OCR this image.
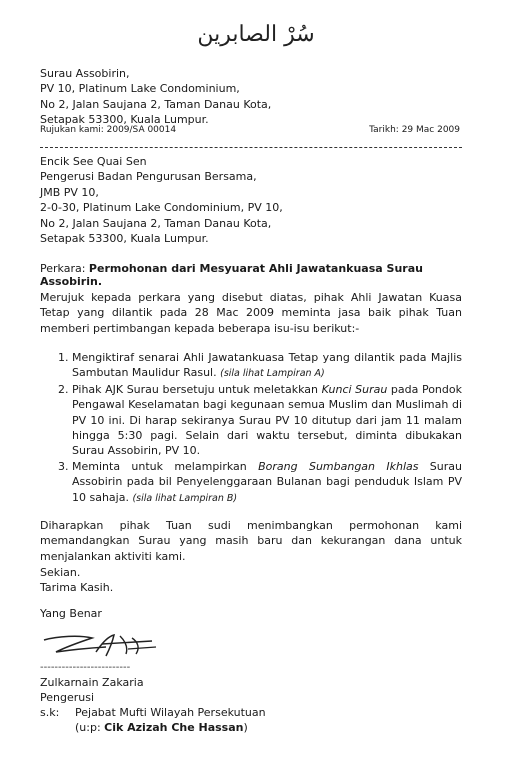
سُرْ الصابرين
Surau Assobirin,
PV 10, Platinum Lake Condominium,
No 2, Jalan Saujana 2, Taman Danau Kota,
Setapak 53300, Kuala Lumpur.
Rujukan kami: 2009/SA 00014	Tarikh: 29 Mac 2009
Encik See Quai Sen
Pengerusi Badan Pengurusan Bersama,
JMB PV 10,
2-0-30, Platinum Lake Condominium, PV 10,
No 2, Jalan Saujana 2, Taman Danau Kota,
Setapak 53300, Kuala Lumpur.
Perkara: Permohonan dari Mesyuarat Ahli Jawatankuasa Surau Assobirin.
Merujuk kepada perkara yang disebut diatas, pihak Ahli Jawatan Kuasa Tetap yang dilantik pada 28 Mac 2009 meminta jasa baik pihak Tuan memberi pertimbangan kepada beberapa isu-isu berikut:-
1. Mengiktiraf senarai Ahli Jawatankuasa Tetap yang dilantik pada Majlis Sambutan Maulidur Rasul. (sila lihat Lampiran A)
2. Pihak AJK Surau bersetuju untuk meletakkan Kunci Surau pada Pondok Pengawal Keselamatan bagi kegunaan semua Muslim dan Muslimah di PV 10 ini. Di harap sekiranya Surau PV 10 ditutup dari jam 11 malam hingga 5:30 pagi. Selain dari waktu tersebut, diminta dibukakan Surau Assobirin, PV 10.
3. Meminta untuk melampirkan Borang Sumbangan Ikhlas Surau Assobirin pada bil Penyelenggaraan Bulanan bagi penduduk Islam PV 10 sahaja. (sila lihat Lampiran B)
Diharapkan pihak Tuan sudi menimbangkan permohonan kami memandangkan Surau yang masih baru dan kekurangan dana untuk menjalankan aktiviti kami.
Sekian.
Tarima Kasih.
Yang Benar
-------------------------
Zulkarnain Zakaria
Pengerusi
s.k: Pejabat Mufti Wilayah Persekutuan
(u:p: Cik Azizah Che Hassan)
